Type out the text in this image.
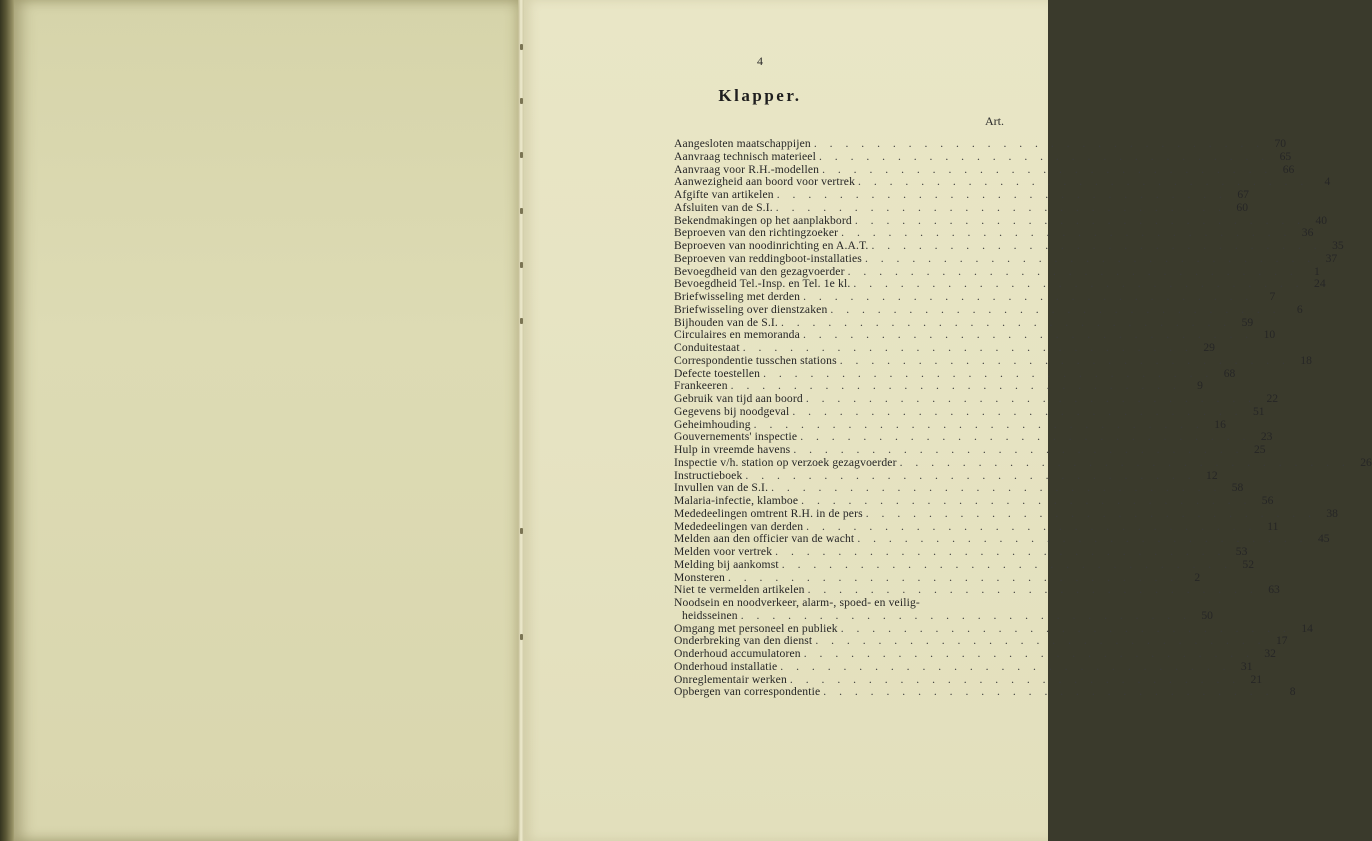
4
Klapper.
Art.
Aangesloten maatschappijen . . . . . . . . . . . . . . . . . . . . . . . . . . . . . 70
Aanvraag technisch materieel . . . . . . . . . . . . . . . . . . . . . . . . . . . . . 65
Aanvraag voor R.H.-modellen . . . . . . . . . . . . . . . . . . . . . . . . . . . . . 66
Aanwezigheid aan boord voor vertrek . . . . . . . . . . . . . . . . . . . . . . . . . . . . .	4
Afgifte van artikelen . . . . . . . . . . . . . . . . . . . . . . . . . . . . . 67
Afsluiten van de S.I. . . . . . . . . . . . . . . . . . . . . . . . . . . . . . 60
Bekendmakingen op het aanplakbord . . . . . . . . . . . . . . . . . . . . . . . . . . . . . 40
Beproeven van den richtingzoeker . . . . . . . . . . . . . . . . . . . . . . . . . . . . . 36
Beproeven van noodinrichting en A.A.T. . . . . . . . . . . . . . . . . . . . . . . . . . . . . . 35
Beproeven van reddingboot-installaties . . . . . . . . . . . . . . . . . . . . . . . . . . . . . 37
Bevoegdheid van den gezagvoerder . . . . . . . . . . . . . . . . . . . . . . . . . . . . .	1
Bevoegdheid Tel.-Insp. en Tel. 1e kl. . . . . . . . . . . . . . . . . . . . . . . . . . . . . . 24
Briefwisseling met derden . . . . . . . . . . . . . . . . . . . . . . . . . . . . .	7
Briefwisseling over dienstzaken . . . . . . . . . . . . . . . . . . . . . . . . . . . . .	6
Bijhouden van de S.I. . . . . . . . . . . . . . . . . . . . . . . . . . . . . . 59
Circulaires en memoranda . . . . . . . . . . . . . . . . . . . . . . . . . . . . . 10
Conduitestaat . . . . . . . . . . . . . . . . . . . . . . . . . . . . . 29
Correspondentie tusschen stations . . . . . . . . . . . . . . . . . . . . . . . . . . . . . 18
Defecte toestellen . . . . . . . . . . . . . . . . . . . . . . . . . . . . . 68
Frankeeren . . . . . . . . . . . . . . . . . . . . . . . . . . . . .	9
Gebruik van tijd aan boord . . . . . . . . . . . . . . . . . . . . . . . . . . . . . 22
Gegevens bij noodgeval . . . . . . . . . . . . . . . . . . . . . . . . . . . . . 51
Geheimhouding . . . . . . . . . . . . . . . . . . . . . . . . . . . . . 16
Gouvernements' inspectie . . . . . . . . . . . . . . . . . . . . . . . . . . . . . 23
Hulp in vreemde havens . . . . . . . . . . . . . . . . . . . . . . . . . . . . . 25
Inspectie v/h. station op verzoek gezagvoerder . . . . . . . . . . . . . . . . . . . . . . . . . . . . . 26
Instructieboek . . . . . . . . . . . . . . . . . . . . . . . . . . . . . 12
Invullen van de S.I. . . . . . . . . . . . . . . . . . . . . . . . . . . . . . 58
Malaria-infectie, klamboe . . . . . . . . . . . . . . . . . . . . . . . . . . . . . 56
Mededeelingen omtrent R.H. in de pers . . . . . . . . . . . . . . . . . . . . . . . . . . . . . 38
Mededeelingen van derden . . . . . . . . . . . . . . . . . . . . . . . . . . . . . 11
Melden aan den officier van de wacht . . . . . . . . . . . . . . . . . . . . . . . . . . . . . 45
Melden voor vertrek . . . . . . . . . . . . . . . . . . . . . . . . . . . . . 53
Melding bij aankomst . . . . . . . . . . . . . . . . . . . . . . . . . . . . . 52
Monsteren . . . . . . . . . . . . . . . . . . . . . . . . . . . . .	2
Niet te vermelden artikelen . . . . . . . . . . . . . . . . . . . . . . . . . . . . . 63
Noodsein en noodverkeer, alarm-, spoed- en veilig-
heidsseinen . . . . . . . . . . . . . . . . . . . . . . . . . . . . . 50
Omgang met personeel en publiek . . . . . . . . . . . . . . . . . . . . . . . . . . . . . 14
Onderbreking van den dienst . . . . . . . . . . . . . . . . . . . . . . . . . . . . . 17
Onderhoud accumulatoren . . . . . . . . . . . . . . . . . . . . . . . . . . . . . 32
Onderhoud installatie . . . . . . . . . . . . . . . . . . . . . . . . . . . . . 31
Onreglementair werken . . . . . . . . . . . . . . . . . . . . . . . . . . . . . 21
Opbergen van correspondentie . . . . . . . . . . . . . . . . . . . . . . . . . . . . .	8
